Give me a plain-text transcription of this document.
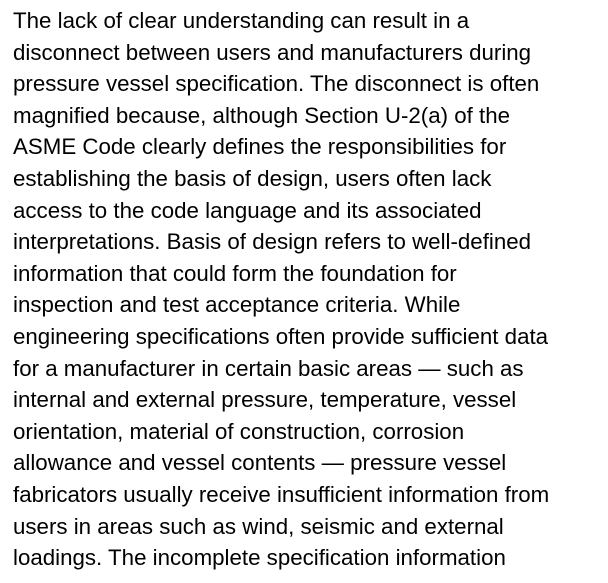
The lack of clear understanding can result in a
disconnect between users and manufacturers during
pressure vessel specification. The disconnect is often
magnified because, although Section U-2(a) of the
ASME Code clearly defines the responsibilities for
establishing the basis of design, users often lack
access to the code language and its associated
interpretations. Basis of design refers to well-defined
information that could form the foundation for
inspection and test acceptance criteria. While
engineering specifications often provide sufficient data
for a manufacturer in certain basic areas — such as
internal and external pressure, temperature, vessel
orientation, material of construction, corrosion
allowance and vessel contents — pressure vessel
fabricators usually receive insufficient information from
users in areas such as wind, seismic and external
loadings. The incomplete specification information
